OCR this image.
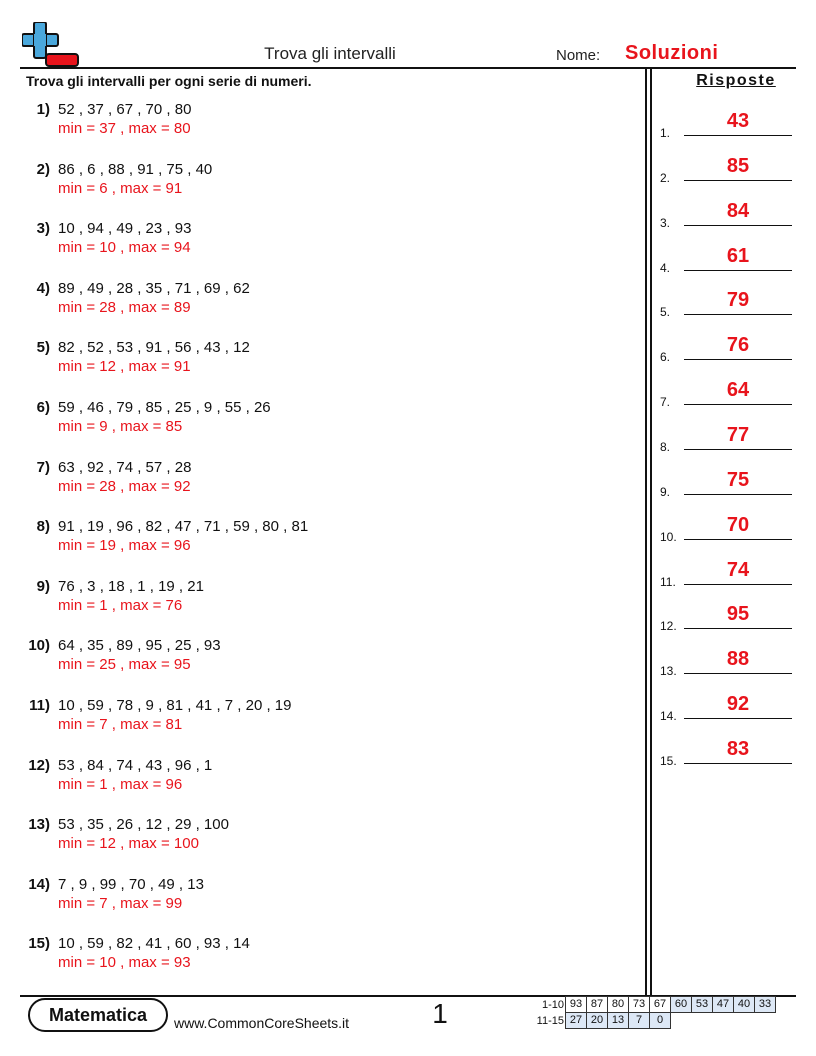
Trova gli intervalli	Nome: Soluzioni
Trova gli intervalli per ogni serie di numeri.	Risposte
1) 52 , 37 , 67 , 70 , 80
min = 37 , max = 80
2) 86 , 6 , 88 , 91 , 75 , 40
min = 6 , max = 91
3) 10 , 94 , 49 , 23 , 93
min = 10 , max = 94
4) 89 , 49 , 28 , 35 , 71 , 69 , 62
min = 28 , max = 89
5) 82 , 52 , 53 , 91 , 56 , 43 , 12
min = 12 , max = 91
6) 59 , 46 , 79 , 85 , 25 , 9 , 55 , 26
min = 9 , max = 85
7) 63 , 92 , 74 , 57 , 28
min = 28 , max = 92
8) 91 , 19 , 96 , 82 , 47 , 71 , 59 , 80 , 81
min = 19 , max = 96
9) 76 , 3 , 18 , 1 , 19 , 21
min = 1 , max = 76
10) 64 , 35 , 89 , 95 , 25 , 93
min = 25 , max = 95
11) 10 , 59 , 78 , 9 , 81 , 41 , 7 , 20 , 19
min = 7 , max = 81
12) 53 , 84 , 74 , 43 , 96 , 1
min = 1 , max = 96
13) 53 , 35 , 26 , 12 , 29 , 100
min = 12 , max = 100
14) 7 , 9 , 99 , 70 , 49 , 13
min = 7 , max = 99
15) 10 , 59 , 82 , 41 , 60 , 93 , 14
min = 10 , max = 93
1.
43
2.
85
3.
84
4.
61
5.
79
6.
76
7.
64
8.
77
9.
75
10.
70
11.
74
12.
95
13.
88
14.
92
15.
83
Matematica	www.CommonCoreSheets.it	1	1-10 93 87 80 73 67 60 53 47 40 33
11-15 27 20 13	7	0
